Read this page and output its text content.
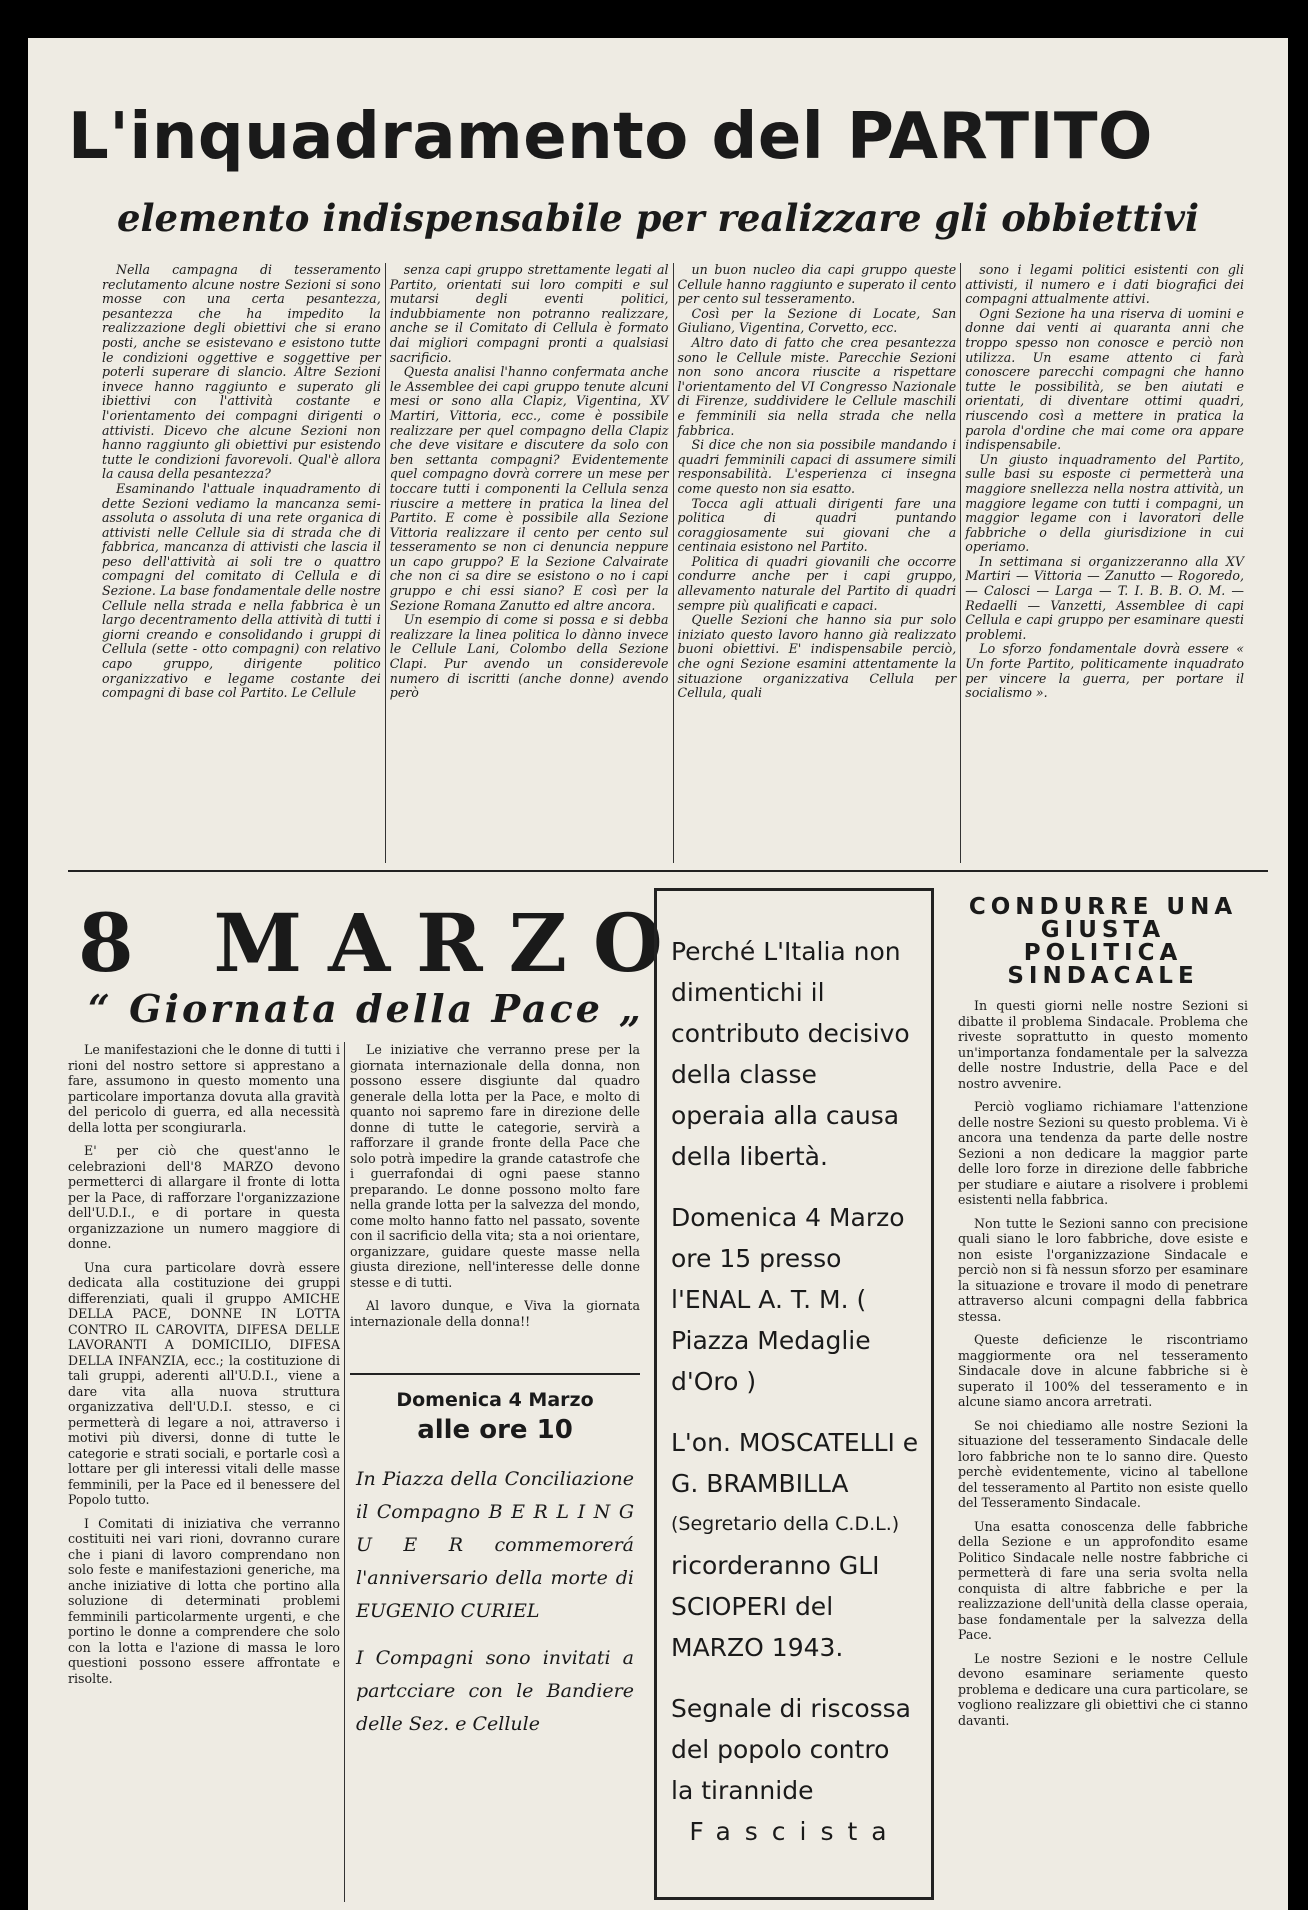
L'inquadramento del PARTITO
elemento indispensabile per realizzare gli obbiettivi

Nella campagna di tesseramento reclutamento alcune nostre Sezioni si sono mosse con una certa pesantezza, pesantezza che ha impedito la realizzazione degli obiettivi che si erano posti, anche se esistevano e esistono tutte le condizioni oggettive e soggettive per poterli superare di slancio. Altre Sezioni invece hanno raggiunto e superato gli ibiettivi con l'attività costante e l'orientamento dei compagni dirigenti o attivisti. Dicevo che alcune Sezioni non hanno raggiunto gli obiettivi pur esistendo tutte le condizioni favorevoli. Qual'è allora la causa della pesantezza?

Esaminando l'attuale inquadramento di dette Sezioni vediamo la mancanza semi-assoluta o assoluta di una rete organica di attivisti nelle Cellule sia di strada che di fabbrica, mancanza di attivisti che lascia il peso dell'attività ai soli tre o quattro compagni del comitato di Cellula e di Sezione. La base fondamentale delle nostre Cellule nella strada e nella fabbrica è un largo decentramento della attività di tutti i giorni creando e consolidando i gruppi di Cellula (sette - otto compagni) con relativo capo gruppo, dirigente politico organizzativo e legame costante dei compagni di base col Partito. Le Cellule

senza capi gruppo strettamente legati al Partito, orientati sui loro compiti e sul mutarsi degli eventi politici, indubbiamente non potranno realizzare, anche se il Comitato di Cellula è formato dai migliori compagni pronti a qualsiasi sacrificio.

Questa analisi l'hanno confermata anche le Assemblee dei capi gruppo tenute alcuni mesi or sono alla Clapiz, Vigentina, XV Martiri, Vittoria, ecc., come è possibile realizzare per quel compagno della Clapiz che deve visitare e discutere da solo con ben settanta compagni? Evidentemente quel compagno dovrà correre un mese per toccare tutti i componenti la Cellula senza riuscire a mettere in pratica la linea del Partito. E come è possibile alla Sezione Vittoria realizzare il cento per cento sul tesseramento se non ci denuncia neppure un capo gruppo? E la Sezione Calvairate che non ci sa dire se esistono o no i capi gruppo e chi essi siano? E così per la Sezione Romana Zanutto ed altre ancora.

Un esempio di come si possa e si debba realizzare la linea politica lo dànno invece le Cellule Lani, Colombo della Sezione Clapi. Pur avendo un considerevole numero di iscritti (anche donne) avendo però

un buon nucleo dia capi gruppo queste Cellule hanno raggiunto e superato il cento per cento sul tesseramento.

Così per la Sezione di Locate, San Giuliano, Vigentina, Corvetto, ecc.

Altro dato di fatto che crea pesantezza sono le Cellule miste. Parecchie Sezioni non sono ancora riuscite a rispettare l'orientamento del VI Congresso Nazionale di Firenze, suddividere le Cellule maschili e femminili sia nella strada che nella fabbrica.

Si dice che non sia possibile mandando i quadri femminili capaci di assumere simili responsabilità. L'esperienza ci insegna come questo non sia esatto.

Tocca agli attuali dirigenti fare una politica di quadri puntando coraggiosamente sui giovani che a centinaia esistono nel Partito.

Politica di quadri giovanili che occorre condurre anche per i capi gruppo, allevamento naturale del Partito di quadri sempre più qualificati e capaci.

Quelle Sezioni che hanno sia pur solo iniziato questo lavoro hanno già realizzato buoni obiettivi. E' indispensabile perciò, che ogni Sezione esamini attentamente la situazione organizzativa Cellula per Cellula, quali

sono i legami politici esistenti con gli attivisti, il numero e i dati biografici dei compagni attualmente attivi.

Ogni Sezione ha una riserva di uomini e donne dai venti ai quaranta anni che troppo spesso non conosce e perciò non utilizza. Un esame attento ci farà conoscere parecchi compagni che hanno tutte le possibilità, se ben aiutati e orientati, di diventare ottimi quadri, riuscendo così a mettere in pratica la parola d'ordine che mai come ora appare indispensabile.

Un giusto inquadramento del Partito, sulle basi su esposte ci permetterà una maggiore snellezza nella nostra attività, un maggiore legame con tutti i compagni, un maggior legame con i lavoratori delle fabbriche o della giurisdizione in cui operiamo.

In settimana si organizzeranno alla XV Martiri — Vittoria — Zanutto — Rogoredo, — Calosci — Larga — T. I. B. B. O. M. — Redaelli — Vanzetti, Assemblee di capi Cellula e capi gruppo per esaminare questi problemi.

Lo sforzo fondamentale dovrà essere « Un forte Partito, politicamente inquadrato per vincere la guerra, per portare il socialismo ».

8 MARZO
“ Giornata della Pace „

Le manifestazioni che le donne di tutti i rioni del nostro settore si apprestano a fare, assumono in questo momento una particolare importanza dovuta alla gravità del pericolo di guerra, ed alla necessità della lotta per scongiurarla.

E' per ciò che quest'anno le celebrazioni dell'8 MARZO devono permetterci di allargare il fronte di lotta per la Pace, di rafforzare l'organizzazione dell'U.D.I., e di portare in questa organizzazione un numero maggiore di donne.

Una cura particolare dovrà essere dedicata alla costituzione dei gruppi differenziati, quali il gruppo AMICHE DELLA PACE, DONNE IN LOTTA CONTRO IL CAROVITA, DIFESA DELLE LAVORANTI A DOMICILIO, DIFESA DELLA INFANZIA, ecc.; la costituzione di tali gruppi, aderenti all'U.D.I., viene a dare vita alla nuova struttura organizzativa dell'U.D.I. stesso, e ci permetterà di legare a noi, attraverso i motivi più diversi, donne di tutte le categorie e strati sociali, e portarle così a lottare per gli interessi vitali delle masse femminili, per la Pace ed il benessere del Popolo tutto.

I Comitati di iniziativa che verranno costituiti nei vari rioni, dovranno curare che i piani di lavoro comprendano non solo feste e manifestazioni generiche, ma anche iniziative di lotta che portino alla soluzione di determinati problemi femminili particolarmente urgenti, e che portino le donne a comprendere che solo con la lotta e l'azione di massa le loro questioni possono essere affrontate e risolte.

Le iniziative che verranno prese per la giornata internazionale della donna, non possono essere disgiunte dal quadro generale della lotta per la Pace, e molto di quanto noi sapremo fare in direzione delle donne di tutte le categorie, servirà a rafforzare il grande fronte della Pace che solo potrà impedire la grande catastrofe che i guerrafondai di ogni paese stanno preparando. Le donne possono molto fare nella grande lotta per la salvezza del mondo, come molto hanno fatto nel passato, sovente con il sacrificio della vita; sta a noi orientare, organizzare, guidare queste masse nella giusta direzione, nell'interesse delle donne stesse e di tutti.

Al lavoro dunque, e Viva la giornata internazionale della donna!!

Domenica 4 Marzo

alle ore 10

In Piazza della Conciliazione il Compagno B E R L I N G U E R commemorerá l'anniversario della morte di EUGENIO CURIEL

I Compagni sono invitati a partcciare con le Bandiere delle Sez. e Cellule

Perché L'Italia non dimentichi il contributo decisivo della classe operaia alla causa della libertà.

Domenica 4 Marzo ore 15 presso l'ENAL A. T. M. ( Piazza Medaglie d'Oro )

L'on. MOSCATELLI e G. BRAMBILLA

(Segretario della C.D.L.)

ricorderanno GLI SCIOPERI del MARZO 1943.

Segnale di riscossa del popolo contro la tirannide

Fascista

CONDURRE UNA GIUSTA POLITICA SINDACALE

In questi giorni nelle nostre Sezioni si dibatte il problema Sindacale. Problema che riveste soprattutto in questo momento un'importanza fondamentale per la salvezza delle nostre Industrie, della Pace e del nostro avvenire.

Perciò vogliamo richiamare l'attenzione delle nostre Sezioni su questo problema. Vi è ancora una tendenza da parte delle nostre Sezioni a non dedicare la maggior parte delle loro forze in direzione delle fabbriche per studiare e aiutare a risolvere i problemi esistenti nella fabbrica.

Non tutte le Sezioni sanno con precisione quali siano le loro fabbriche, dove esiste e non esiste l'organizzazione Sindacale e perciò non si fà nessun sforzo per esaminare la situazione e trovare il modo di penetrare attraverso alcuni compagni della fabbrica stessa.

Queste deficienze le riscontriamo maggiormente ora nel tesseramento Sindacale dove in alcune fabbriche si è superato il 100% del tesseramento e in alcune siamo ancora arretrati.

Se noi chiediamo alle nostre Sezioni la situazione del tesseramento Sindacale delle loro fabbriche non te lo sanno dire. Questo perchè evidentemente, vicino al tabellone del tesseramento al Partito non esiste quello del Tesseramento Sindacale.

Una esatta conoscenza delle fabbriche della Sezione e un approfondito esame Politico Sindacale nelle nostre fabbriche ci permetterà di fare una seria svolta nella conquista di altre fabbriche e per la realizzazione dell'unità della classe operaia, base fondamentale per la salvezza della Pace.

Le nostre Sezioni e le nostre Cellule devono esaminare seriamente questo problema e dedicare una cura particolare, se vogliono realizzare gli obiettivi che ci stanno davanti.
